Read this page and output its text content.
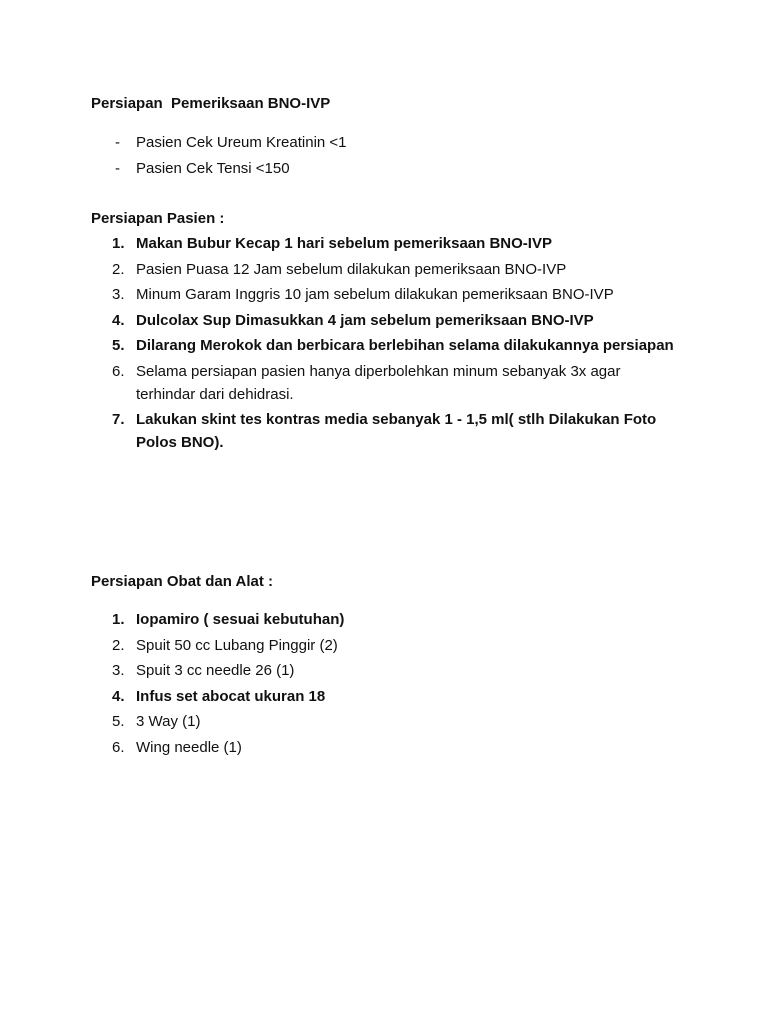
Persiapan  Pemeriksaan BNO-IVP
- Pasien Cek Ureum Kreatinin <1
- Pasien Cek Tensi <150
Persiapan Pasien :
1. Makan Bubur Kecap 1 hari sebelum pemeriksaan BNO-IVP
2. Pasien Puasa 12 Jam sebelum dilakukan pemeriksaan BNO-IVP
3. Minum Garam Inggris 10 jam sebelum dilakukan pemeriksaan BNO-IVP
4. Dulcolax Sup Dimasukkan 4 jam sebelum pemeriksaan BNO-IVP
5. Dilarang Merokok dan berbicara berlebihan selama dilakukannya persiapan
6. Selama persiapan pasien hanya diperbolehkan minum sebanyak 3x agar terhindar dari dehidrasi.
7. Lakukan skint tes kontras media sebanyak 1 - 1,5 ml( stlh Dilakukan Foto Polos BNO).
Persiapan Obat dan Alat :
1. Iopamiro ( sesuai kebutuhan)
2. Spuit 50 cc Lubang Pinggir (2)
3. Spuit 3 cc needle 26 (1)
4. Infus set abocat ukuran 18
5. 3 Way (1)
6. Wing needle (1)
